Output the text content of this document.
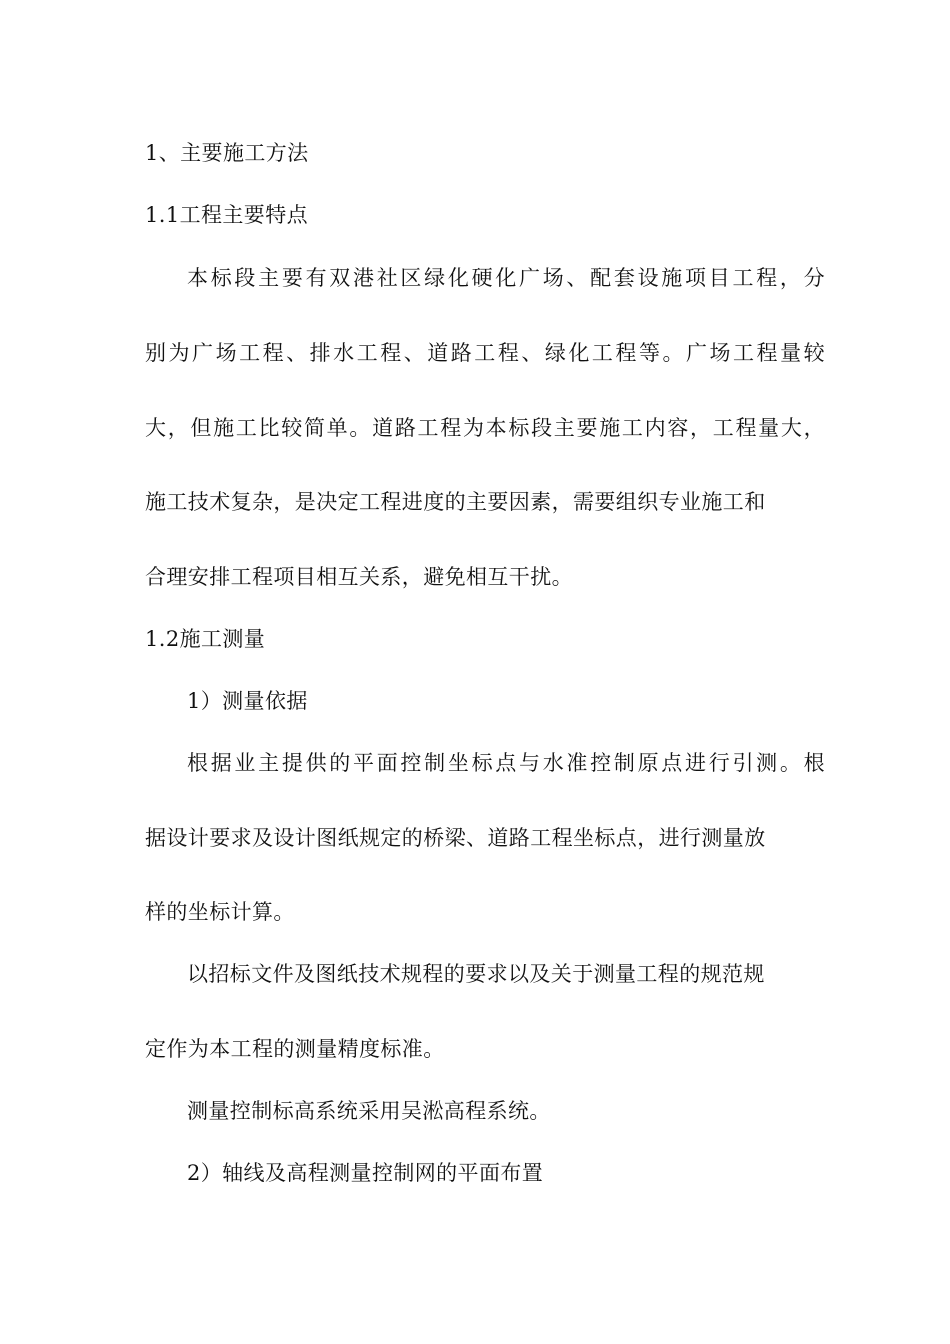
1、主要施工方法
1.1工程主要特点
本标段主要有双港社区绿化硬化广场、配套设施项目工程，分
别为广场工程、排水工程、道路工程、绿化工程等。广场工程量较
大，但施工比较简单。道路工程为本标段主要施工内容，工程量大，
施工技术复杂，是决定工程进度的主要因素，需要组织专业施工和
合理安排工程项目相互关系，避免相互干扰。
1.2施工测量
1）测量依据
根据业主提供的平面控制坐标点与水准控制原点进行引测。根
据设计要求及设计图纸规定的桥梁、道路工程坐标点，进行测量放
样的坐标计算。
以招标文件及图纸技术规程的要求以及关于测量工程的规范规
定作为本工程的测量精度标准。
测量控制标高系统采用吴淞高程系统。
2）轴线及高程测量控制网的平面布置
